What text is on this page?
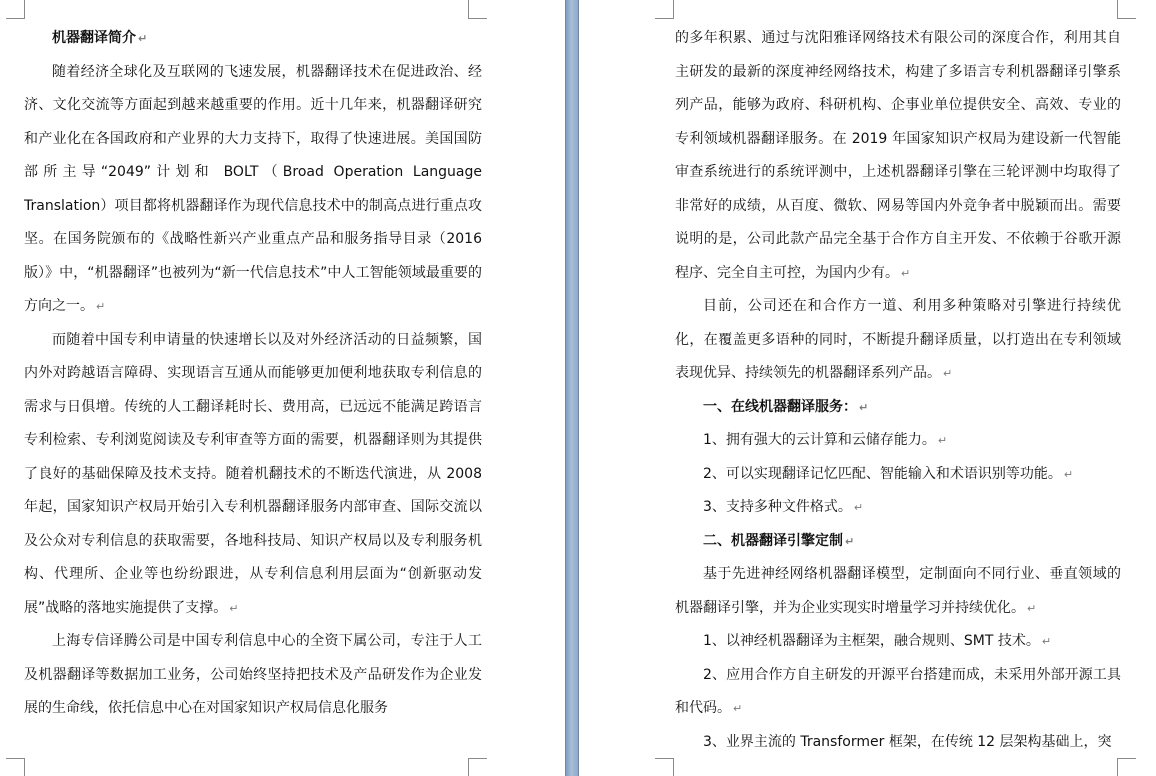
机器翻译简介 ↵

随着经济全球化及互联网的飞速发展，机器翻译技术在促进政治、经济、文化交流等方面起到越来越重要的作用。近十几年来，机器翻译研究和产业化在各国政府和产业界的大力支持下，取得了快速进展。美国国防部所主导“2049”计划和 BOLT（Broad Operation Language Translation）项目都将机器翻译作为现代信息技术中的制高点进行重点攻坚。在国务院颁布的《战略性新兴产业重点产品和服务指导目录（2016版）》中，“机器翻译”也被列为“新一代信息技术”中人工智能领域最重要的方向之一。 ↵

而随着中国专利申请量的快速增长以及对外经济活动的日益频繁，国内外对跨越语言障碍、实现语言互通从而能够更加便利地获取专利信息的需求与日俱增。传统的人工翻译耗时长、费用高，已远远不能满足跨语言专利检索、专利浏览阅读及专利审查等方面的需要，机器翻译则为其提供了良好的基础保障及技术支持。随着机翻技术的不断迭代演进，从 2008 年起，国家知识产权局开始引入专利机器翻译服务内部审查、国际交流以及公众对专利信息的获取需要，各地科技局、知识产权局以及专利服务机构、代理所、企业等也纷纷跟进，从专利信息利用层面为“创新驱动发展”战略的落地实施提供了支撑。 ↵

上海专信译腾公司是中国专利信息中心的全资下属公司，专注于人工及机器翻译等数据加工业务，公司始终坚持把技术及产品研发作为企业发展的生命线，依托信息中心在对国家知识产权局信息化服务

的多年积累、通过与沈阳雅译网络技术有限公司的深度合作，利用其自主研发的最新的深度神经网络技术，构建了多语言专利机器翻译引擎系列产品，能够为政府、科研机构、企事业单位提供安全、高效、专业的专利领域机器翻译服务。在 2019 年国家知识产权局为建设新一代智能审查系统进行的系统评测中，上述机器翻译引擎在三轮评测中均取得了非常好的成绩，从百度、微软、网易等国内外竞争者中脱颖而出。需要说明的是，公司此款产品完全基于合作方自主开发、不依赖于谷歌开源程序、完全自主可控，为国内少有。 ↵

目前，公司还在和合作方一道、利用多种策略对引擎进行持续优化，在覆盖更多语种的同时，不断提升翻译质量，以打造出在专利领域表现优异、持续领先的机器翻译系列产品。 ↵

一、在线机器翻译服务： ↵

1、拥有强大的云计算和云储存能力。 ↵

2、可以实现翻译记忆匹配、智能输入和术语识别等功能。 ↵

3、支持多种文件格式。 ↵

二、机器翻译引擎定制 ↵

基于先进神经网络机器翻译模型，定制面向不同行业、垂直领域的机器翻译引擎，并为企业实现实时增量学习并持续优化。 ↵

1、以神经机器翻译为主框架，融合规则、SMT 技术。 ↵

2、应用合作方自主研发的开源平台搭建而成，未采用外部开源工具和代码。 ↵

3、业界主流的 Transformer 框架，在传统 12 层架构基础上，突
